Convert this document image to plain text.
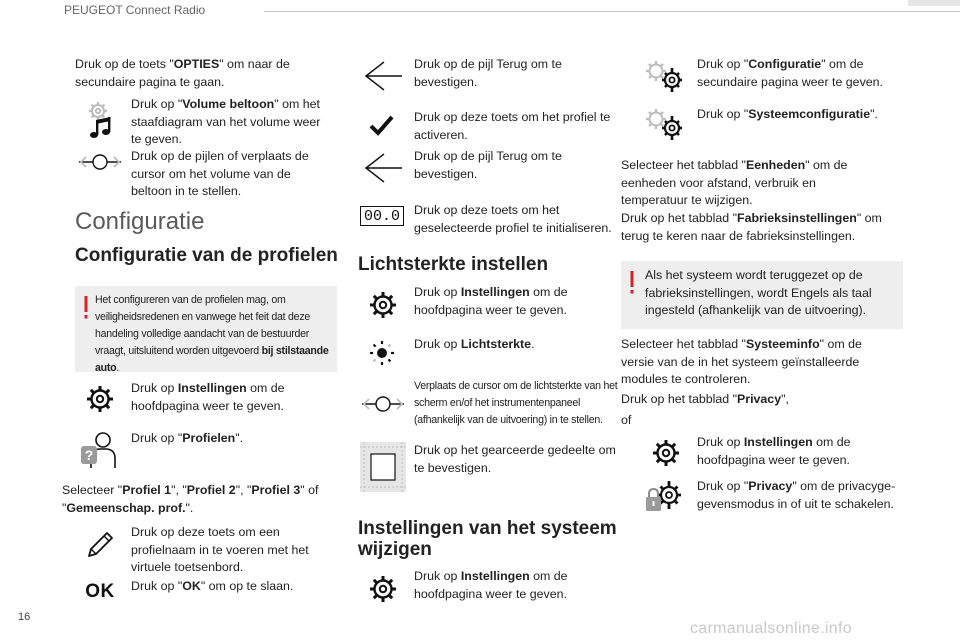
PEUGEOT Connect Radio
Druk op de toets "OPTIES" om naar de secundaire pagina te gaan.
Druk op "Volume beltoon" om het staafdiagram van het volume weer te geven.
Druk op de pijlen of verplaats de cursor om het volume van de beltoon in te stellen.
Configuratie
Configuratie van de profielen
Het configureren van de profielen mag, om veiligheidsredenen en vanwege het feit dat deze handeling volledige aandacht van de bestuurder vraagt, uitsluitend worden uitgevoerd bij stilstaande auto.
Druk op Instellingen om de hoofdpagina weer te geven.
?
Druk op "Profielen".
Selecteer "Profiel 1", "Profiel 2", "Profiel 3" of "Gemeenschap. prof.".
Druk op deze toets om een profielnaam in te voeren met het virtuele toetsenbord.
OK	Druk op "OK" om op te slaan.
Druk op de pijl Terug om te bevestigen.
Druk op deze toets om het profiel te activeren.
Druk op de pijl Terug om te bevestigen.
00.0	Druk op deze toets om het geselecteerde profiel te initialiseren.
Lichtsterkte instellen
Druk op Instellingen om de hoofdpagina weer te geven.
Druk op Lichtsterkte.
Verplaats de cursor om de lichtsterkte van het scherm en/of het instrumentenpaneel (afhankelijk van de uitvoering) in te stellen.
Druk op het gearceerde gedeelte om te bevestigen.
Instellingen van het systeem wijzigen
Druk op Instellingen om de hoofdpagina weer te geven.
Druk op "Configuratie" om de secundaire pagina weer te geven.
Druk op "Systeemconfiguratie".
Selecteer het tabblad "Eenheden" om de eenheden voor afstand, verbruik en temperatuur te wijzigen.
Druk op het tabblad "Fabrieksinstellingen" om terug te keren naar de fabrieksinstellingen.
Als het systeem wordt teruggezet op de fabrieksinstellingen, wordt Engels als taal ingesteld (afhankelijk van de uitvoering).
Selecteer het tabblad "Systeeminfo" om de versie van de in het systeem geïnstalleerde modules te controleren.
Druk op het tabblad "Privacy",
of
Druk op Instellingen om de hoofdpagina weer te geven.
Druk op "Privacy" om de privacygegevensmodus in of uit te schakelen.
16
carmanualsonline.info
